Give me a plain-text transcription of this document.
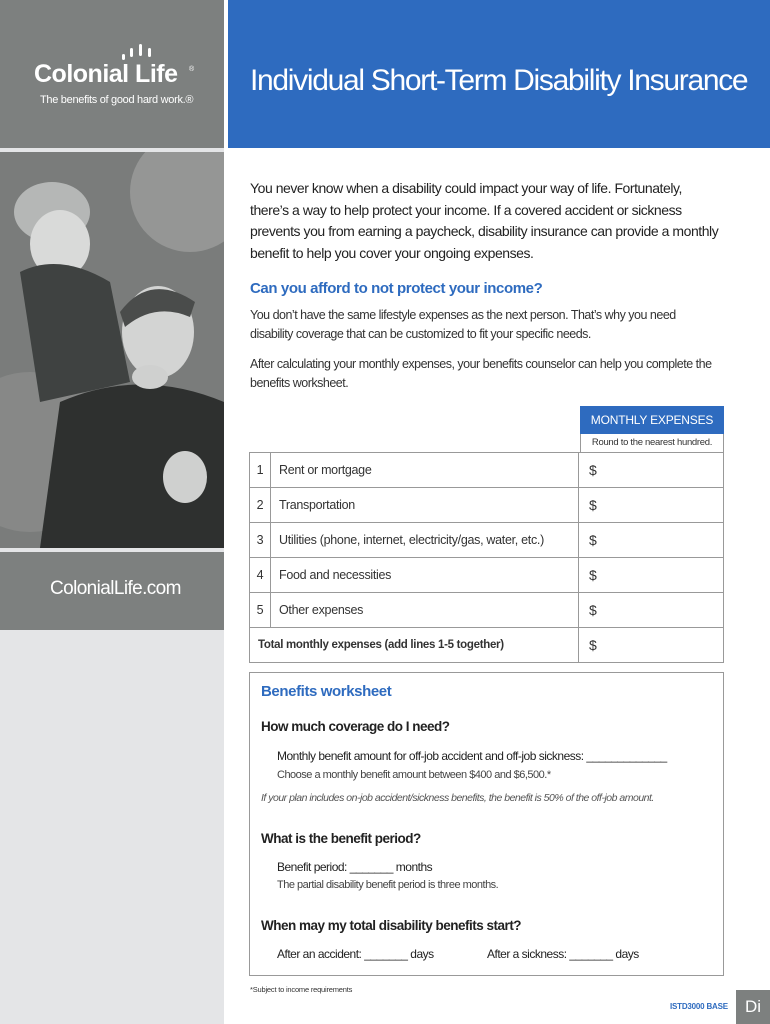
Colonial Life ®
The benefits of good hard work.®
ColonialLife.com
Individual Short-Term Disability Insurance

You never know when a disability could impact your way of life. Fortunately, there’s a way to help protect your income. If a covered accident or sickness prevents you from earning a paycheck, disability insurance can provide a monthly benefit to help you cover your ongoing expenses.

Can you afford to not protect your income?

You don’t have the same lifestyle expenses as the next person. That’s why you need disability coverage that can be customized to fit your specific needs.

After calculating your monthly expenses, your benefits counselor can help you complete the benefits worksheet.

MONTHLY EXPENSES
Round to the nearest hundred.
1	Rent or mortgage	$
2	Transportation	$
3	Utilities (phone, internet, electricity/gas, water, etc.)	$
4	Food and necessities	$
5	Other expenses	$
Total monthly expenses (add lines 1-5 together)		$
Benefits worksheet
How much coverage do I need?
Monthly benefit amount for off-job accident and off-job sickness: _____________
Choose a monthly benefit amount between $400 and $6,500.*
If your plan includes on-job accident/sickness benefits, the benefit is 50% of the off-job amount.
What is the benefit period?
Benefit period: _______ months
The partial disability benefit period is three months.
When may my total disability benefits start?
After an accident: _______ days	After a sickness: _______ days
*Subject to income requirements
ISTD3000 BASE	Di
